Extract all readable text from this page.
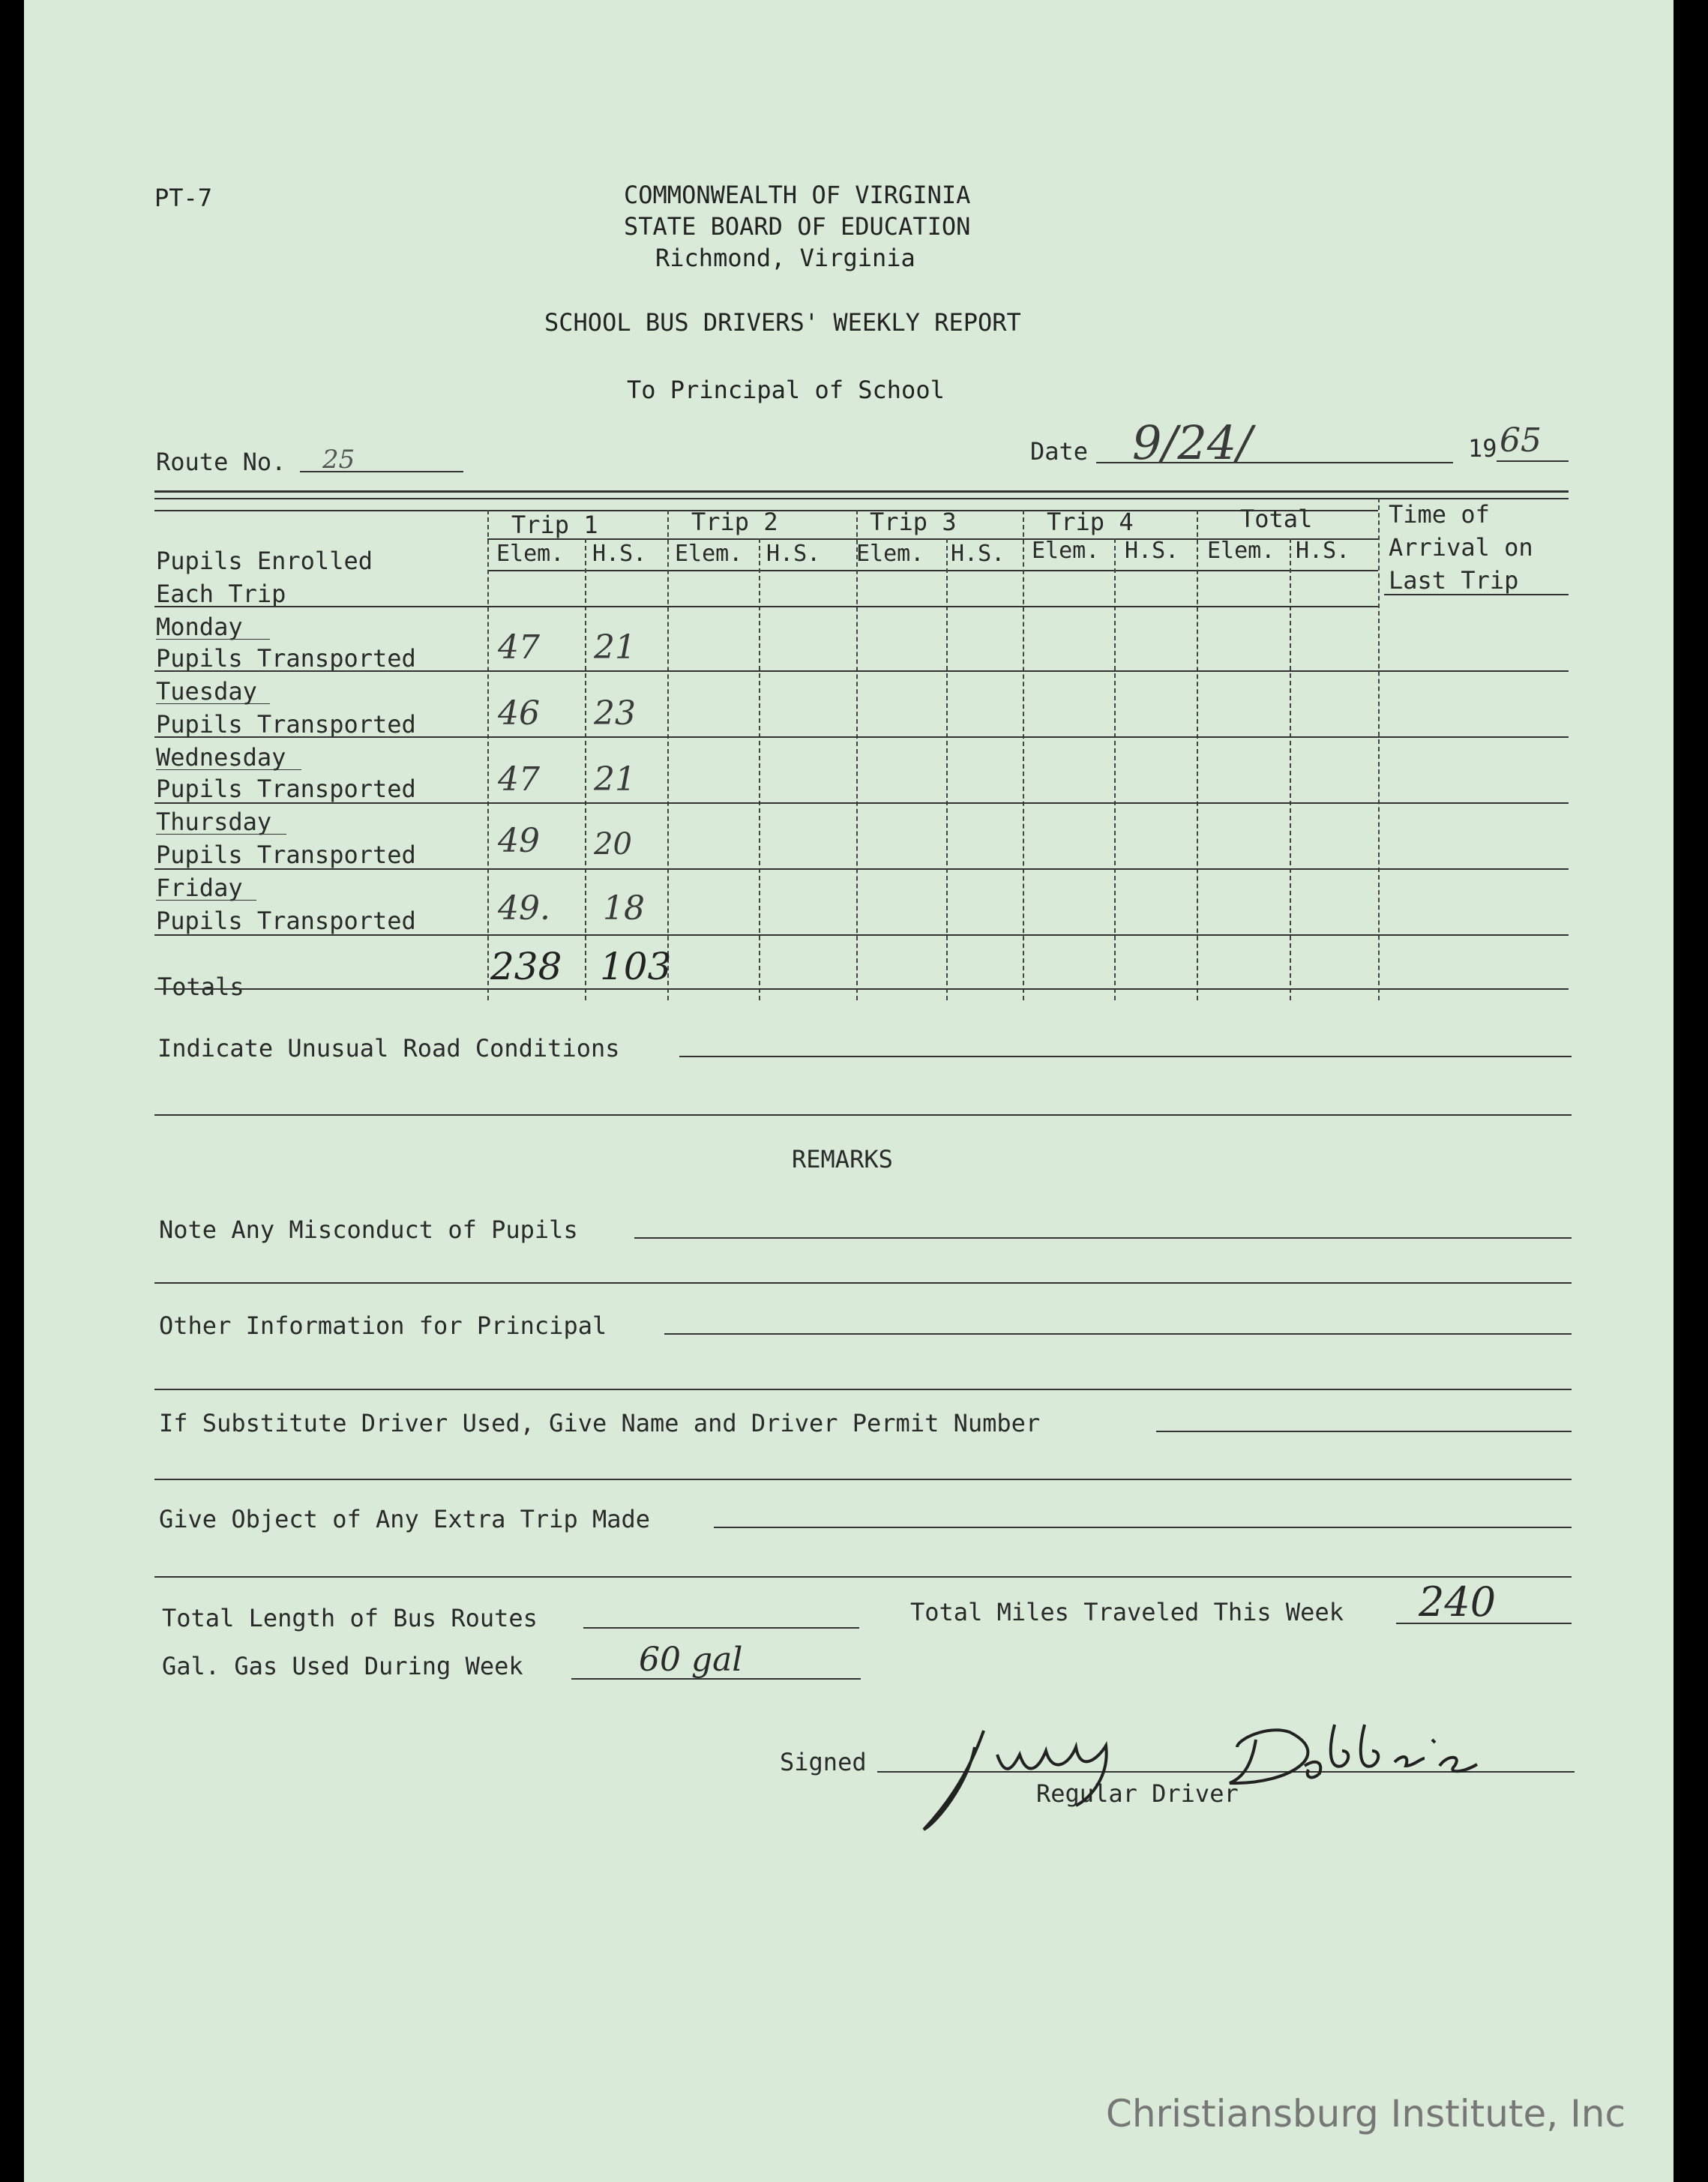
PT-7	COMMONWEALTH OF VIRGINIA
STATE BOARD OF EDUCATION
Richmond, Virginia
SCHOOL BUS DRIVERS' WEEKLY REPORT
To Principal of School
Route No. 25	Date 9/24/	19 65
Trip 1	Trip 2	Trip 3	Trip 4	Total
Elem. H.S. Elem. H.S. Elem. H.S. Elem. H.S. Elem. H.S.
Time of
Arrival on
Last Trip
Pupils Enrolled
Each Trip
Monday
Pupils Transported 47 21
Tuesday
Pupils Transported 46 23
Wednesday
Pupils Transported 47 21
Thursday
Pupils Transported 49 20
Friday
Pupils Transported 49. 18
Totals	238 103
Indicate Unusual Road Conditions
REMARKS
Note Any Misconduct of Pupils
Other Information for Principal
If Substitute Driver Used, Give Name and Driver Permit Number
Give Object of Any Extra Trip Made
Total Length of Bus Routes	Total Miles Traveled This Week 240
Gal. Gas Used During Week	60 gal
Signed
Regular Driver
Christiansburg Institute, Inc
